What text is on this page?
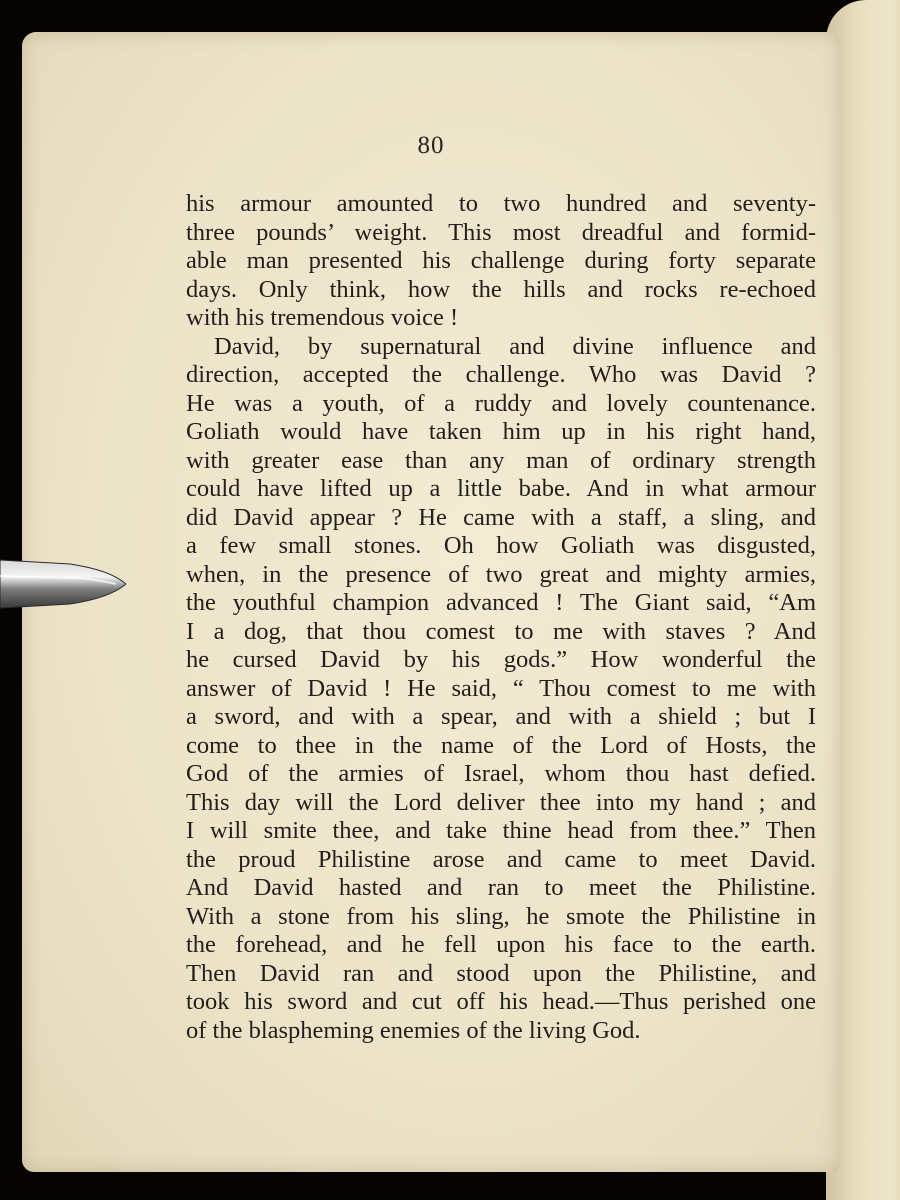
80
his armour amounted to two hundred and seventy-
three pounds’ weight. This most dreadful and formid-
able man presented his challenge during forty separate
days. Only think, how the hills and rocks re-echoed
with his tremendous voice !
David, by supernatural and divine influence and
direction, accepted the challenge. Who was David ?
He was a youth, of a ruddy and lovely countenance.
Goliath would have taken him up in his right hand,
with greater ease than any man of ordinary strength
could have lifted up a little babe. And in what armour
did David appear ? He came with a staff, a sling, and
a few small stones. Oh how Goliath was disgusted,
when, in the presence of two great and mighty armies,
the youthful champion advanced ! The Giant said, “Am
I a dog, that thou comest to me with staves ? And
he cursed David by his gods.” How wonderful the
answer of David ! He said, “ Thou comest to me with
a sword, and with a spear, and with a shield ; but I
come to thee in the name of the Lord of Hosts, the
God of the armies of Israel, whom thou hast defied.
This day will the Lord deliver thee into my hand ; and
I will smite thee, and take thine head from thee.” Then
the proud Philistine arose and came to meet David.
And David hasted and ran to meet the Philistine.
With a stone from his sling, he smote the Philistine in
the forehead, and he fell upon his face to the earth.
Then David ran and stood upon the Philistine, and
took his sword and cut off his head.—Thus perished one
of the blaspheming enemies of the living God.
